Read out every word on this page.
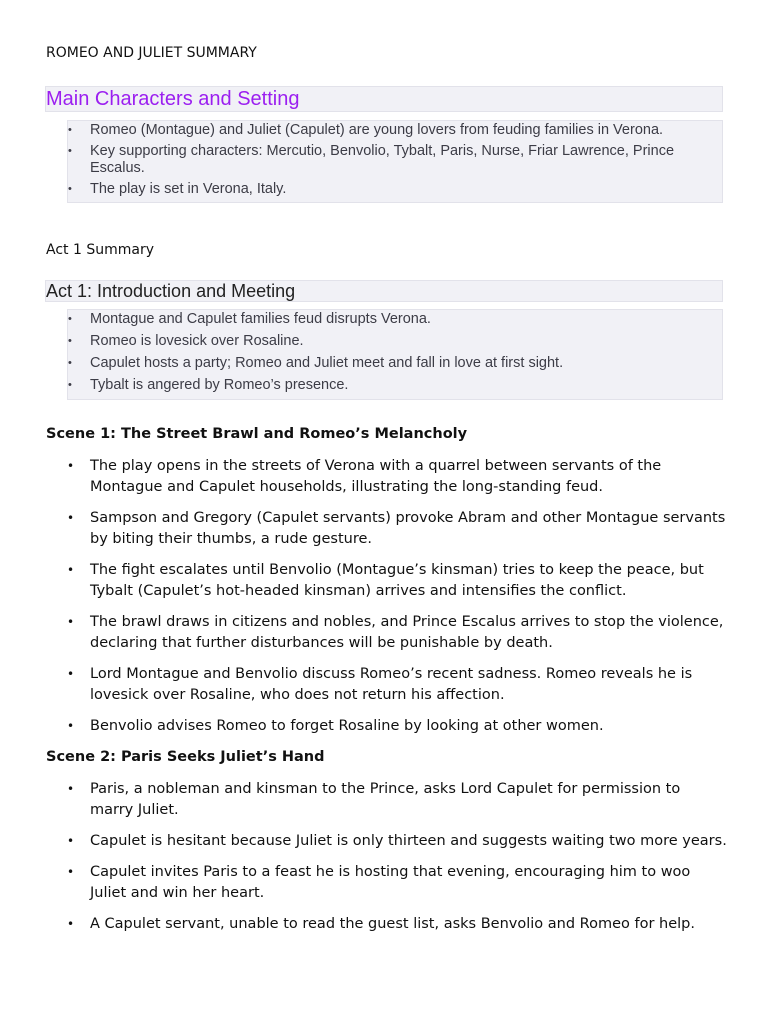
ROMEO AND JULIET SUMMARY

Main Characters and Setting
• Romeo (Montague) and Juliet (Capulet) are young lovers from feuding families in Verona.
• Key supporting characters: Mercutio, Benvolio, Tybalt, Paris, Nurse, Friar Lawrence, Prince Escalus.
• The play is set in Verona, Italy.

Act 1 Summary

Act 1: Introduction and Meeting
• Montague and Capulet families feud disrupts Verona.
• Romeo is lovesick over Rosaline.
• Capulet hosts a party; Romeo and Juliet meet and fall in love at first sight.
• Tybalt is angered by Romeo’s presence.
Scene 1: The Street Brawl and Romeo’s Melancholy
• The play opens in the streets of Verona with a quarrel between servants of the Montague and Capulet households, illustrating the long-standing feud.
• Sampson and Gregory (Capulet servants) provoke Abram and other Montague servants by biting their thumbs, a rude gesture.
• The fight escalates until Benvolio (Montague’s kinsman) tries to keep the peace, but Tybalt (Capulet’s hot-headed kinsman) arrives and intensifies the conflict.
• The brawl draws in citizens and nobles, and Prince Escalus arrives to stop the violence, declaring that further disturbances will be punishable by death.
• Lord Montague and Benvolio discuss Romeo’s recent sadness. Romeo reveals he is lovesick over Rosaline, who does not return his affection.
• Benvolio advises Romeo to forget Rosaline by looking at other women.
Scene 2: Paris Seeks Juliet’s Hand
• Paris, a nobleman and kinsman to the Prince, asks Lord Capulet for permission to marry Juliet.
• Capulet is hesitant because Juliet is only thirteen and suggests waiting two more years.
• Capulet invites Paris to a feast he is hosting that evening, encouraging him to woo Juliet and win her heart.
• A Capulet servant, unable to read the guest list, asks Benvolio and Romeo for help.
